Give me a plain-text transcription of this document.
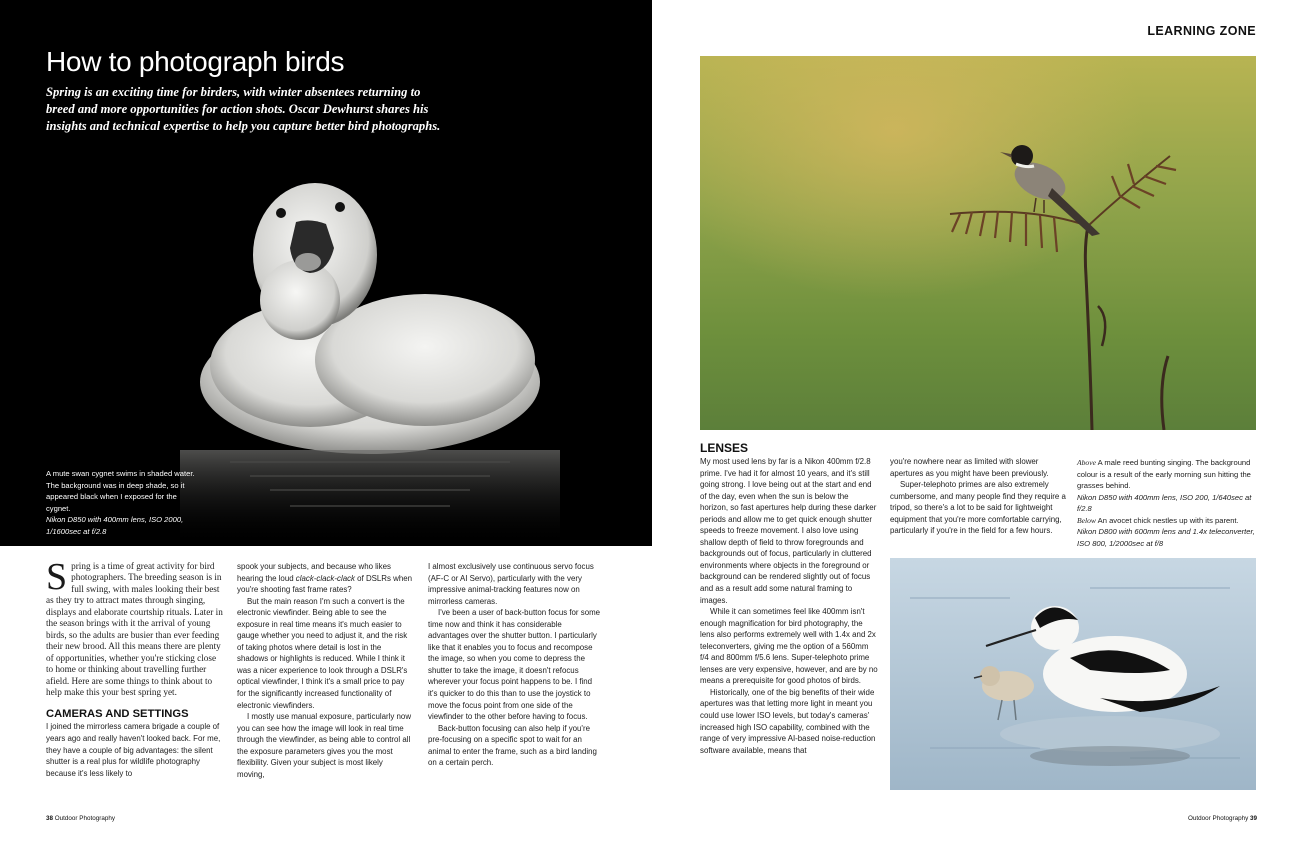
How to photograph birds

Spring is an exciting time for birders, with winter absentees returning to breed and more opportunities for action shots. Oscar Dewhurst shares his insights and technical expertise to help you capture better bird photographs.

A mute swan cygnet swims in shaded water. The background was in deep shade, so it appeared black when I exposed for the cygnet.
Nikon D850 with 400mm lens, ISO 2000, 1/1600sec at f/2.8

Spring is a time of great activity for bird photographers. The breeding season is in full swing, with males looking their best as they try to attract mates through singing, displays and elaborate courtship rituals. Later in the season brings with it the arrival of young birds, so the adults are busier than ever feeding their new brood. All this means there are plenty of opportunities, whether you're sticking close to home or thinking about travelling further afield. Here are some things to think about to help make this your best spring yet.

CAMERAS AND SETTINGS

I joined the mirrorless camera brigade a couple of years ago and really haven't looked back. For me, they have a couple of big advantages: the silent shutter is a real plus for wildlife photography because it's less likely to

spook your subjects, and because who likes hearing the loud clack-clack-clack of DSLRs when you're shooting fast frame rates?

But the main reason I'm such a convert is the electronic viewfinder. Being able to see the exposure in real time means it's much easier to gauge whether you need to adjust it, and the risk of taking photos where detail is lost in the shadows or highlights is reduced. While I think it was a nicer experience to look through a DSLR's optical viewfinder, I think it's a small price to pay for the significantly increased functionality of electronic viewfinders.

I mostly use manual exposure, particularly now you can see how the image will look in real time through the viewfinder, as being able to control all the exposure parameters gives you the most flexibility. Given your subject is most likely moving,

I almost exclusively use continuous servo focus (AF-C or AI Servo), particularly with the very impressive animal-tracking features now on mirrorless cameras.

I've been a user of back-button focus for some time now and think it has considerable advantages over the shutter button. I particularly like that it enables you to focus and recompose the image, so when you come to depress the shutter to take the image, it doesn't refocus wherever your focus point happens to be. I find it's quicker to do this than to use the joystick to move the focus point from one side of the viewfinder to the other before having to focus.

Back-button focusing can also help if you're pre-focusing on a specific spot to wait for an animal to enter the frame, such as a bird landing on a certain perch.

38 Outdoor Photography
LEARNING ZONE
LENSES

My most used lens by far is a Nikon 400mm f/2.8 prime. I've had it for almost 10 years, and it's still going strong. I love being out at the start and end of the day, even when the sun is below the horizon, so fast apertures help during these darker periods and allow me to get quick enough shutter speeds to freeze movement. I also love using shallow depth of field to throw foregrounds and backgrounds out of focus, particularly in cluttered environments where objects in the foreground or background can be rendered slightly out of focus and as a result add some natural framing to images.

While it can sometimes feel like 400mm isn't enough magnification for bird photography, the lens also performs extremely well with 1.4x and 2x teleconverters, giving me the option of a 560mm f/4 and 800mm f/5.6 lens. Super-telephoto prime lenses are very expensive, however, and are by no means a prerequisite for good photos of birds.

Historically, one of the big benefits of their wide apertures was that letting more light in meant you could use lower ISO levels, but today's cameras' increased high ISO capability, combined with the range of very impressive AI-based noise-reduction software available, means that

you're nowhere near as limited with slower apertures as you might have been previously.

Super-telephoto primes are also extremely cumbersome, and many people find they require a tripod, so there's a lot to be said for lightweight equipment that you're more comfortable carrying, particularly if you're in the field for a few hours.

Above A male reed bunting singing. The background colour is a result of the early morning sun hitting the grasses behind.
Nikon D850 with 400mm lens, ISO 200, 1/640sec at f/2.8

Below An avocet chick nestles up with its parent.
Nikon D800 with 600mm lens and 1.4x teleconverter, ISO 800, 1/2000sec at f/8

Outdoor Photography 39
